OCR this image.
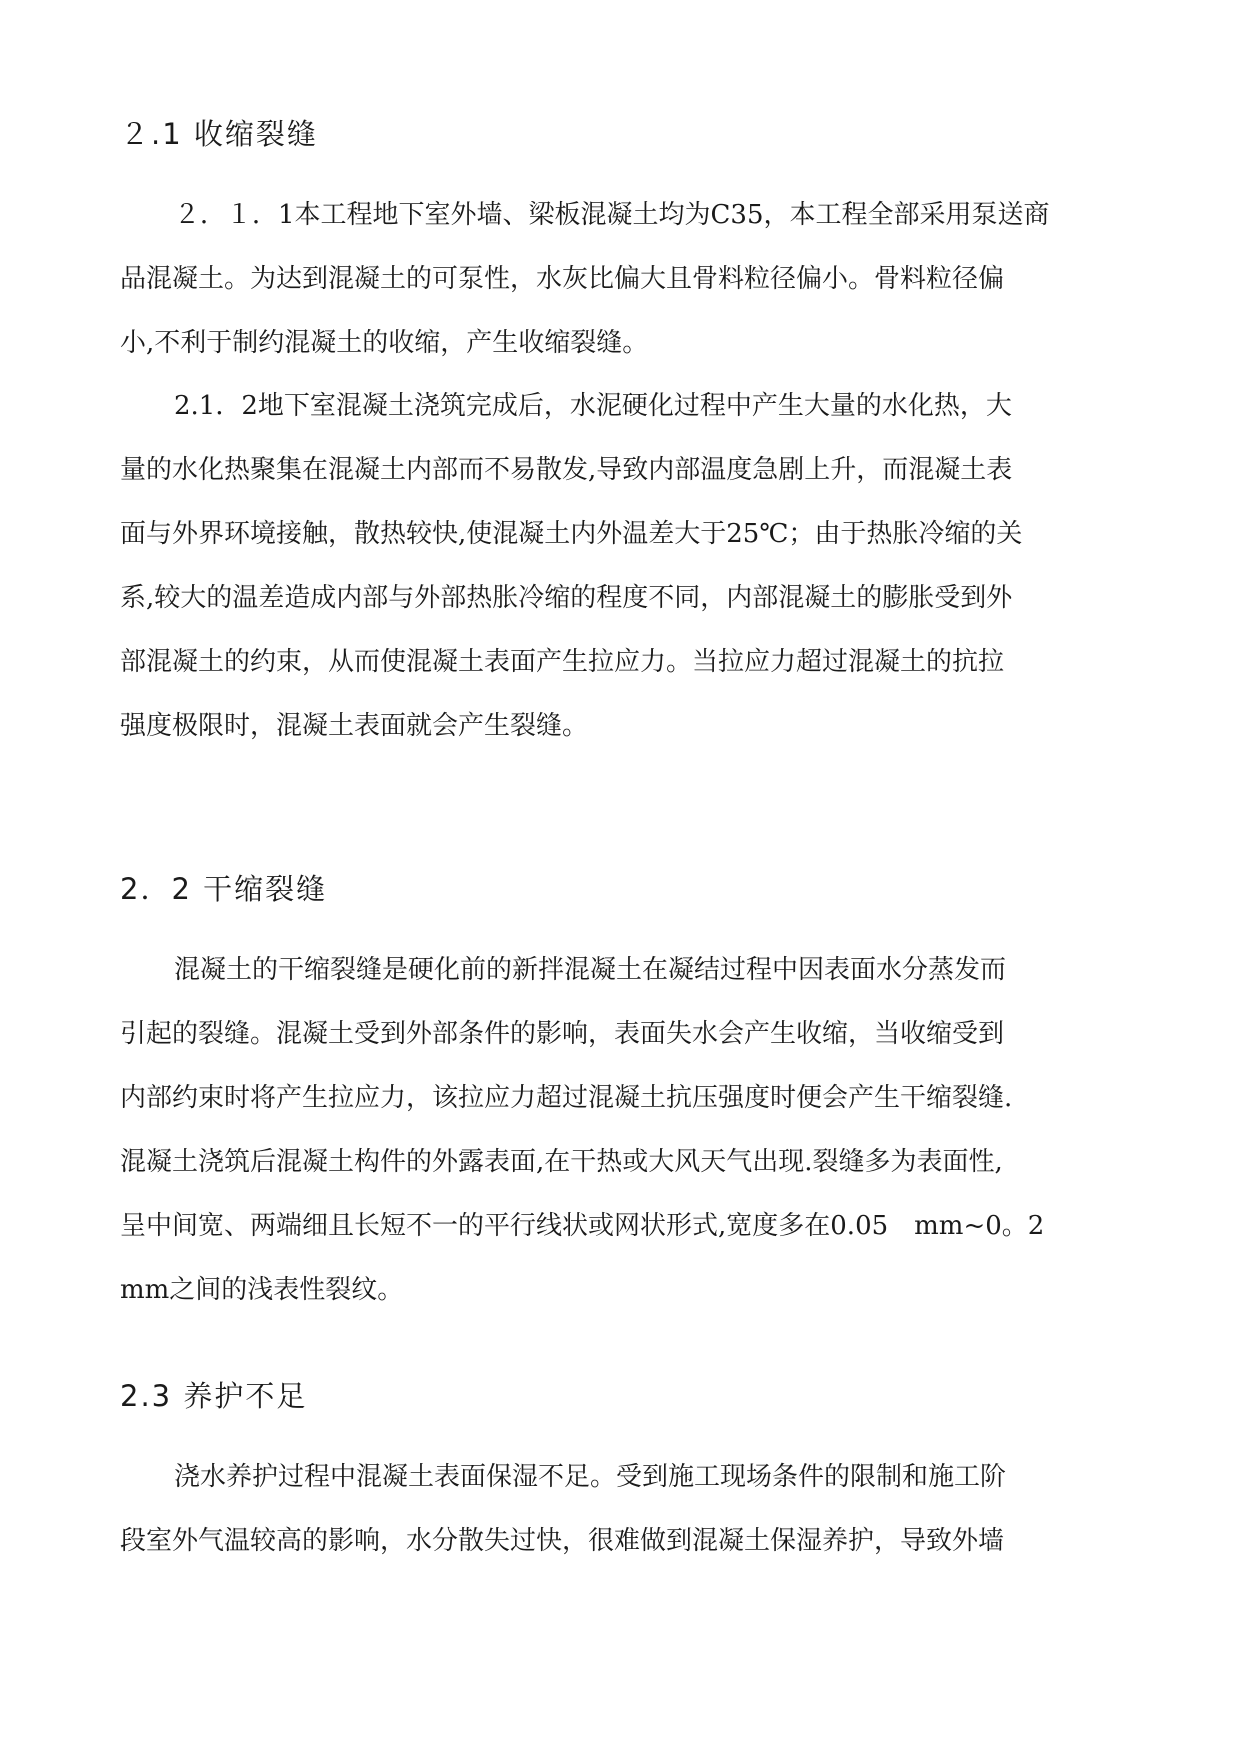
２.1 收缩裂缝
２．１．1本工程地下室外墙、梁板混凝土均为C35，本工程全部采用泵送商
品混凝土。为达到混凝土的可泵性，水灰比偏大且骨料粒径偏小。骨料粒径偏
小,不利于制约混凝土的收缩，产生收缩裂缝。
2.1．2地下室混凝土浇筑完成后，水泥硬化过程中产生大量的水化热，大
量的水化热聚集在混凝土内部而不易散发,导致内部温度急剧上升，而混凝土表
面与外界环境接触，散热较快,使混凝土内外温差大于25℃；由于热胀冷缩的关
系,较大的温差造成内部与外部热胀冷缩的程度不同，内部混凝土的膨胀受到外
部混凝土的约束，从而使混凝土表面产生拉应力。当拉应力超过混凝土的抗拉
强度极限时，混凝土表面就会产生裂缝。
2．2 干缩裂缝
混凝土的干缩裂缝是硬化前的新拌混凝土在凝结过程中因表面水分蒸发而
引起的裂缝。混凝土受到外部条件的影响，表面失水会产生收缩，当收缩受到
内部约束时将产生拉应力，该拉应力超过混凝土抗压强度时便会产生干缩裂缝.
混凝土浇筑后混凝土构件的外露表面,在干热或大风天气出现.裂缝多为表面性,
呈中间宽、两端细且长短不一的平行线状或网状形式,宽度多在0.05　mm~0。2
mm之间的浅表性裂纹。
2.3 养护不足
浇水养护过程中混凝土表面保湿不足。受到施工现场条件的限制和施工阶
段室外气温较高的影响，水分散失过快，很难做到混凝土保湿养护，导致外墙
